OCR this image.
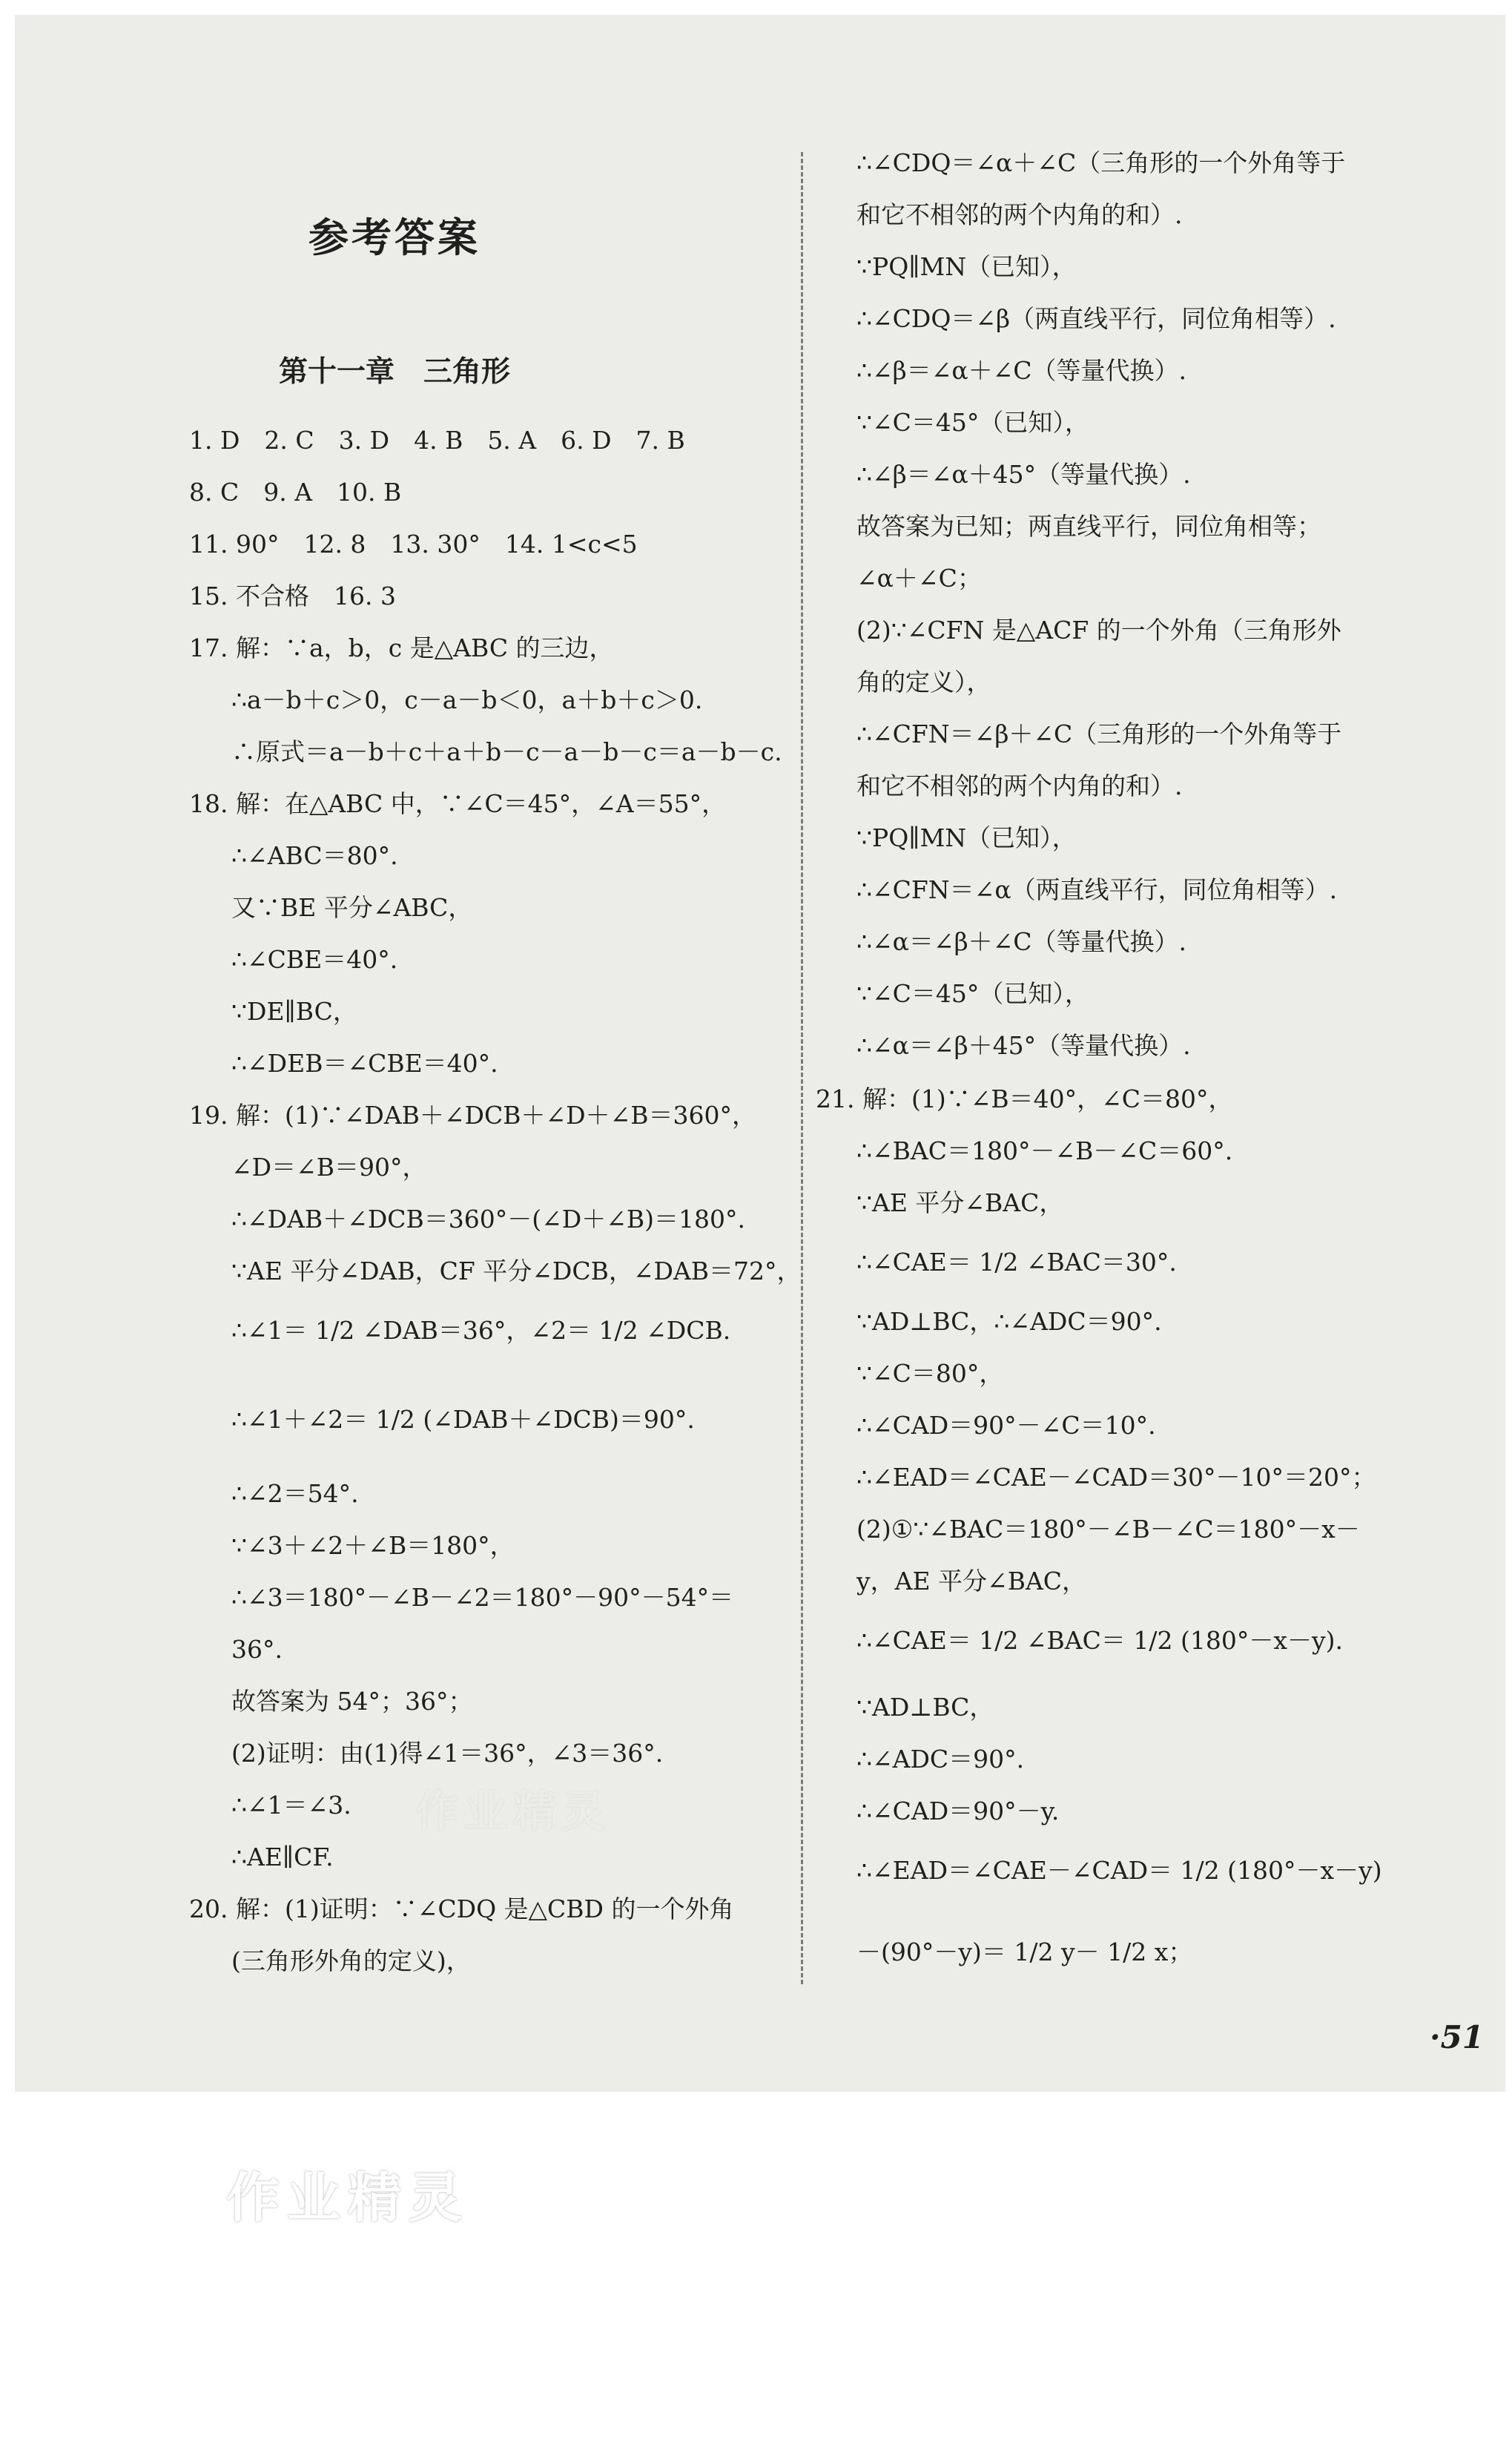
参考答案
第十一章　三角形
1. D　2. C　3. D　4. B　5. A　6. D　7. B
8. C　9. A　10. B
11. 90°　12. 8　13. 30°　14. 1<c<5
15. 不合格　16. 3
17. 解：∵a，b，c 是△ABC 的三边，
∴a－b＋c＞0，c－a－b＜0，a＋b＋c＞0.
∴原式＝a－b＋c＋a＋b－c－a－b－c＝a－b－c.
18. 解：在△ABC 中，∵∠C＝45°，∠A＝55°，
∴∠ABC＝80°.
又∵BE 平分∠ABC，
∴∠CBE＝40°.
∵DE∥BC，
∴∠DEB＝∠CBE＝40°.
19. 解：(1)∵∠DAB＋∠DCB＋∠D＋∠B＝360°，
∠D＝∠B＝90°，
∴∠DAB＋∠DCB＝360°－(∠D＋∠B)＝180°.
∵AE 平分∠DAB，CF 平分∠DCB，∠DAB＝72°，
∴∠1＝ 1/2 ∠DAB＝36°，∠2＝ 1/2 ∠DCB.
∴∠1＋∠2＝ 1/2 (∠DAB＋∠DCB)＝90°.
∴∠2＝54°.
∵∠3＋∠2＋∠B＝180°，
∴∠3＝180°－∠B－∠2＝180°－90°－54°＝
36°.
故答案为 54°；36°；
(2)证明：由(1)得∠1＝36°，∠3＝36°.
∴∠1＝∠3.
∴AE∥CF.
20. 解：(1)证明：∵∠CDQ 是△CBD 的一个外角
(三角形外角的定义)，
∴∠CDQ＝∠α＋∠C（三角形的一个外角等于
和它不相邻的两个内角的和）.
∵PQ∥MN（已知），
∴∠CDQ＝∠β（两直线平行，同位角相等）.
∴∠β＝∠α＋∠C（等量代换）.
∵∠C＝45°（已知），
∴∠β＝∠α＋45°（等量代换）.
故答案为已知；两直线平行，同位角相等；
∠α＋∠C；
(2)∵∠CFN 是△ACF 的一个外角（三角形外
角的定义），
∴∠CFN＝∠β＋∠C（三角形的一个外角等于
和它不相邻的两个内角的和）.
∵PQ∥MN（已知），
∴∠CFN＝∠α（两直线平行，同位角相等）.
∴∠α＝∠β＋∠C（等量代换）.
∵∠C＝45°（已知），
∴∠α＝∠β＋45°（等量代换）.
21. 解：(1)∵∠B＝40°，∠C＝80°，
∴∠BAC＝180°－∠B－∠C＝60°.
∵AE 平分∠BAC，
∴∠CAE＝ 1/2 ∠BAC＝30°.
∵AD⊥BC，∴∠ADC＝90°.
∵∠C＝80°，
∴∠CAD＝90°－∠C＝10°.
∴∠EAD＝∠CAE－∠CAD＝30°－10°＝20°；
(2)①∵∠BAC＝180°－∠B－∠C＝180°－x－
y，AE 平分∠BAC，
∴∠CAE＝ 1/2 ∠BAC＝ 1/2 (180°－x－y).
∵AD⊥BC，
∴∠ADC＝90°.
∴∠CAD＝90°－y.
∴∠EAD＝∠CAE－∠CAD＝ 1/2 (180°－x－y)
－(90°－y)＝ 1/2 y－ 1/2 x；
·51
作业精灵
作业精灵
